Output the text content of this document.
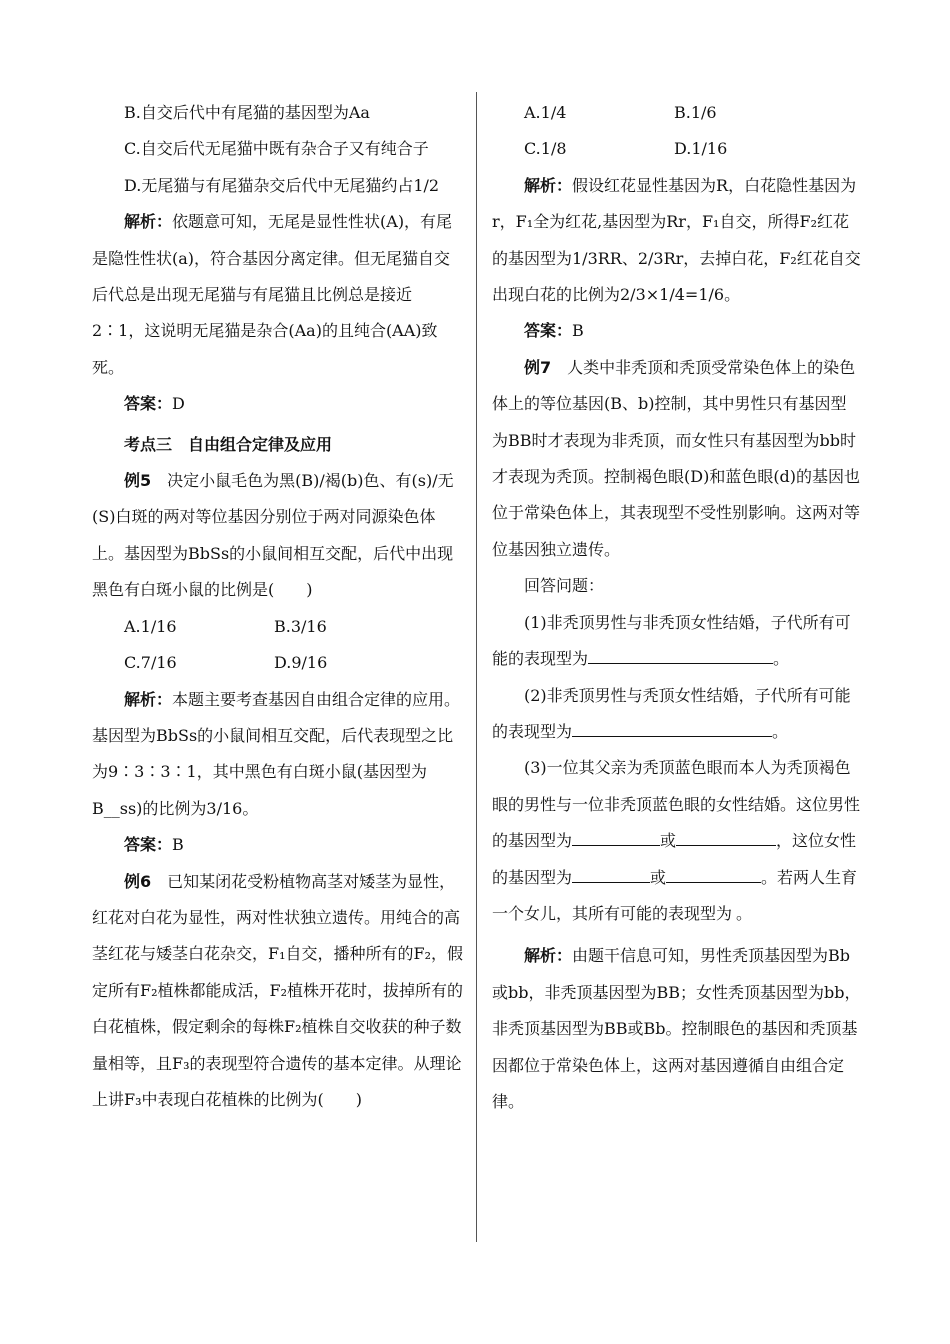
B.自交后代中有尾猫的基因型为Aa

C.自交后代无尾猫中既有杂合子又有纯合子

D.无尾猫与有尾猫杂交后代中无尾猫约占1/2

解析：依题意可知，无尾是显性性状(A)，有尾是隐性性状(a)，符合基因分离定律。但无尾猫自交后代总是出现无尾猫与有尾猫且比例总是接近2∶1，这说明无尾猫是杂合(Aa)的且纯合(AA)致死。

答案：D

考点三　自由组合定律及应用

例5　 决定小鼠毛色为黑(B)/褐(b)色、有(s)/无(S)白斑的两对等位基因分别位于两对同源染色体上。基因型为BbSs的小鼠间相互交配，后代中出现黑色有白斑小鼠的比例是(　　)

A.1/16	B.3/16

C.7/16	D.9/16

解析：本题主要考查基因自由组合定律的应用。基因型为BbSs的小鼠间相互交配，后代表现型之比为9∶3∶3∶1，其中黑色有白斑小鼠(基因型为B__ss)的比例为3/16。

答案：B

例6　 已知某闭花受粉植物高茎对矮茎为显性，红花对白花为显性，两对性状独立遗传。用纯合的高茎红花与矮茎白花杂交，F₁自交，播种所有的F₂，假定所有F₂植株都能成活，F₂植株开花时，拔掉所有的白花植株，假定剩余的每株F₂植株自交收获的种子数量相等，且F₃的表现型符合遗传的基本定律。从理论上讲F₃中表现白花植株的比例为(　　)

A.1/4	B.1/6

C.1/8	D.1/16

解析：假设红花显性基因为R，白花隐性基因为r，F₁全为红花,基因型为Rr，F₁自交，所得F₂红花的基因型为1/3RR、2/3Rr，去掉白花，F₂红花自交出现白花的比例为2/3×1/4=1/6。

答案：B

例7　 人类中非秃顶和秃顶受常染色体上的染色体上的等位基因(B、b)控制，其中男性只有基因型为BB时才表现为非秃顶，而女性只有基因型为bb时才表现为秃顶。控制褐色眼(D)和蓝色眼(d)的基因也位于常染色体上，其表现型不受性别影响。这两对等位基因独立遗传。

回答问题：

(1)非秃顶男性与非秃顶女性结婚，子代所有可能的表现型为	。

(2)非秃顶男性与秃顶女性结婚，子代所有可能的表现型为	。

(3)一位其父亲为秃顶蓝色眼而本人为秃顶褐色眼的男性与一位非秃顶蓝色眼的女性结婚。这位男性的基因型为	或	，这位女性的基因型为	或	。若两人生育一个女儿，其所有可能的表现型为 。

解析：由题干信息可知，男性秃顶基因型为Bb或bb，非秃顶基因型为BB；女性秃顶基因型为bb，非秃顶基因型为BB或Bb。控制眼色的基因和秃顶基因都位于常染色体上，这两对基因遵循自由组合定律。
